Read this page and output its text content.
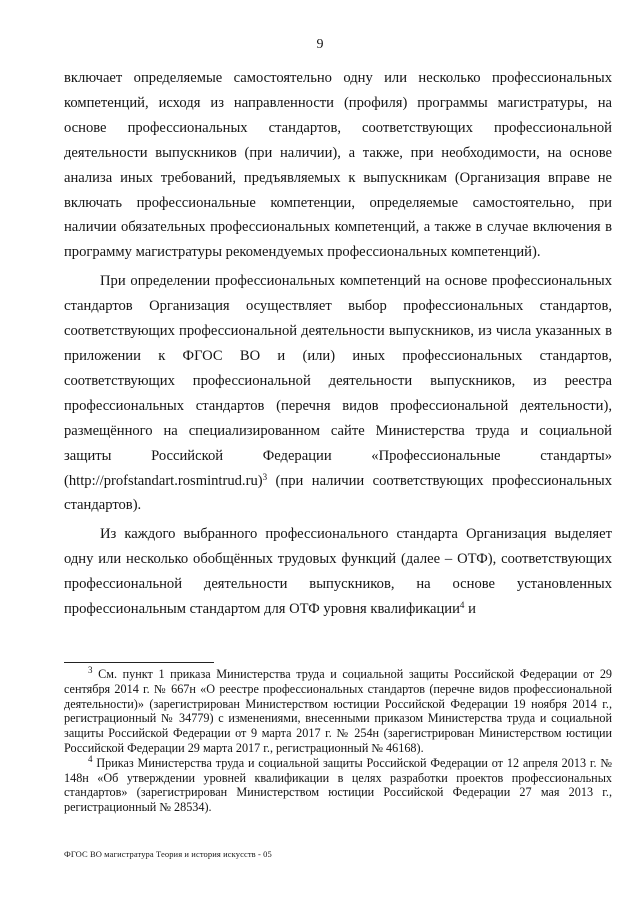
9

включает определяемые самостоятельно одну или несколько профессиональных компетенций, исходя из направленности (профиля) программы магистратуры, на основе профессиональных стандартов, соответствующих профессиональной деятельности выпускников (при наличии), а также, при необходимости, на основе анализа иных требований, предъявляемых к выпускникам (Организация вправе не включать профессиональные компетенции, определяемые самостоятельно, при наличии обязательных профессиональных компетенций, а также в случае включения в программу магистратуры рекомендуемых профессиональных компетенций).

При определении профессиональных компетенций на основе профессиональных стандартов Организация осуществляет выбор профессиональных стандартов, соответствующих профессиональной деятельности выпускников, из числа указанных в приложении к ФГОС ВО и (или) иных профессиональных стандартов, соответствующих профессиональной деятельности выпускников, из реестра профессиональных стандартов (перечня видов профессиональной деятельности), размещённого на специализированном сайте Министерства труда и социальной защиты Российской Федерации «Профессиональные стандарты» (http://profstandart.rosmintrud.ru)$^3$ (при наличии соответствующих профессиональных стандартов).

Из каждого выбранного профессионального стандарта Организация выделяет одну или несколько обобщённых трудовых функций (далее – ОТФ), соответствующих профессиональной деятельности выпускников, на основе установленных профессиональным стандартом для ОТФ уровня квалификации$^4$ и

$^3$ См. пункт 1 приказа Министерства труда и социальной защиты Российской Федерации от 29 сентября 2014 г. № 667н «О реестре профессиональных стандартов (перечне видов профессиональной деятельности)» (зарегистрирован Министерством юстиции Российской Федерации 19 ноября 2014 г., регистрационный № 34779) с изменениями, внесенными приказом Министерства труда и социальной защиты Российской Федерации от 9 марта 2017 г. № 254н (зарегистрирован Министерством юстиции Российской Федерации 29 марта 2017 г., регистрационный № 46168).

$^4$ Приказ Министерства труда и социальной защиты Российской Федерации от 12 апреля 2013 г. № 148н «Об утверждении уровней квалификации в целях разработки проектов профессиональных стандартов» (зарегистрирован Министерством юстиции Российской Федерации 27 мая 2013 г., регистрационный № 28534).

ФГОС ВО магистратура Теория и история искусств - 05
